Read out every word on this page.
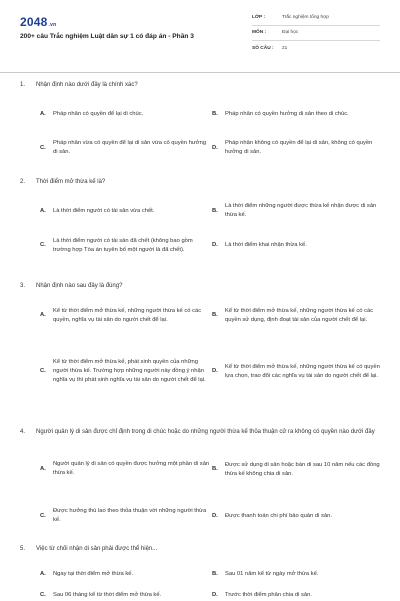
2048.vn
200+ câu Trắc nghiệm Luật dân sự 1 có đáp án - Phần 3
LỚP :	Trắc nghiệm tổng hợp
MÔN :	Đại học
SỐ CÂU :	21
1.	Nhận định nào dưới đây là chính xác?
A.	Pháp nhân có quyền để lại di chúc.	B.	Pháp nhân có quyền hưởng di sản theo di chúc.
C.
Pháp nhân vừa có quyền để lại di sản vừa có quyền hưởng di sản.
D.
Pháp nhân không có quyền để lại di sản, không có quyền hưởng di sản.
2.	Thời điểm mở thừa kế là?
A.	Là thời điểm người có tài sản vừa chết.	B.
Là thời điểm những người được thừa kế nhận được di sản thừa kế.
C.
Là thời điểm người có tài sản đã chết (không bao gồm trường hợp Tòa án tuyên bố một người là đã chết).
D.	Là thời điểm khai nhận thừa kế.
3.	Nhận định nào sau đây là đúng?
A.
Kể từ thời điểm mở thừa kế, những người thừa kế có các quyền, nghĩa vụ tài sản do người chết để lại.
B.
Kể từ thời điểm mở thừa kế, những người thừa kế có các quyền sử dụng, định đoạt tài sản của người chết để lại.
C.
Kể từ thời điểm mở thừa kế, phát sinh quyền của những người thừa kế. Trường hợp những người này đồng ý nhận nghĩa vụ thì phát sinh nghĩa vụ tài sản do người chết để lại.
D.
Kể từ thời điểm mở thừa kế, những người thừa kế có quyền lựa chọn, trao đổi các nghĩa vụ tài sản do người chết để lại.
4.	Người quản lý di sản được chỉ định trong di chúc hoặc do những người thừa kế thỏa thuận cử ra không có quyền nào dưới đây
A.
Người quản lý di sản có quyền được hưởng một phần di sản thừa kế.
B.
Được sử dụng di sản hoặc bán di sau 10 năm nếu các đồng thừa kế không chia di sản.
C.
Được hưởng thù lao theo thỏa thuận với những người thừa kế.
D.	Được thanh toán chi phí bảo quản di sản.
5.	Việc từ chối nhận di sản phải được thể hiện...
A.	Ngay tại thời điểm mở thừa kế.	B.	Sau 01 năm kể từ ngày mở thừa kế.
C.	Sau 06 tháng kể từ thời điểm mở thừa kế.	D.	Trước thời điểm phân chia di sản.
